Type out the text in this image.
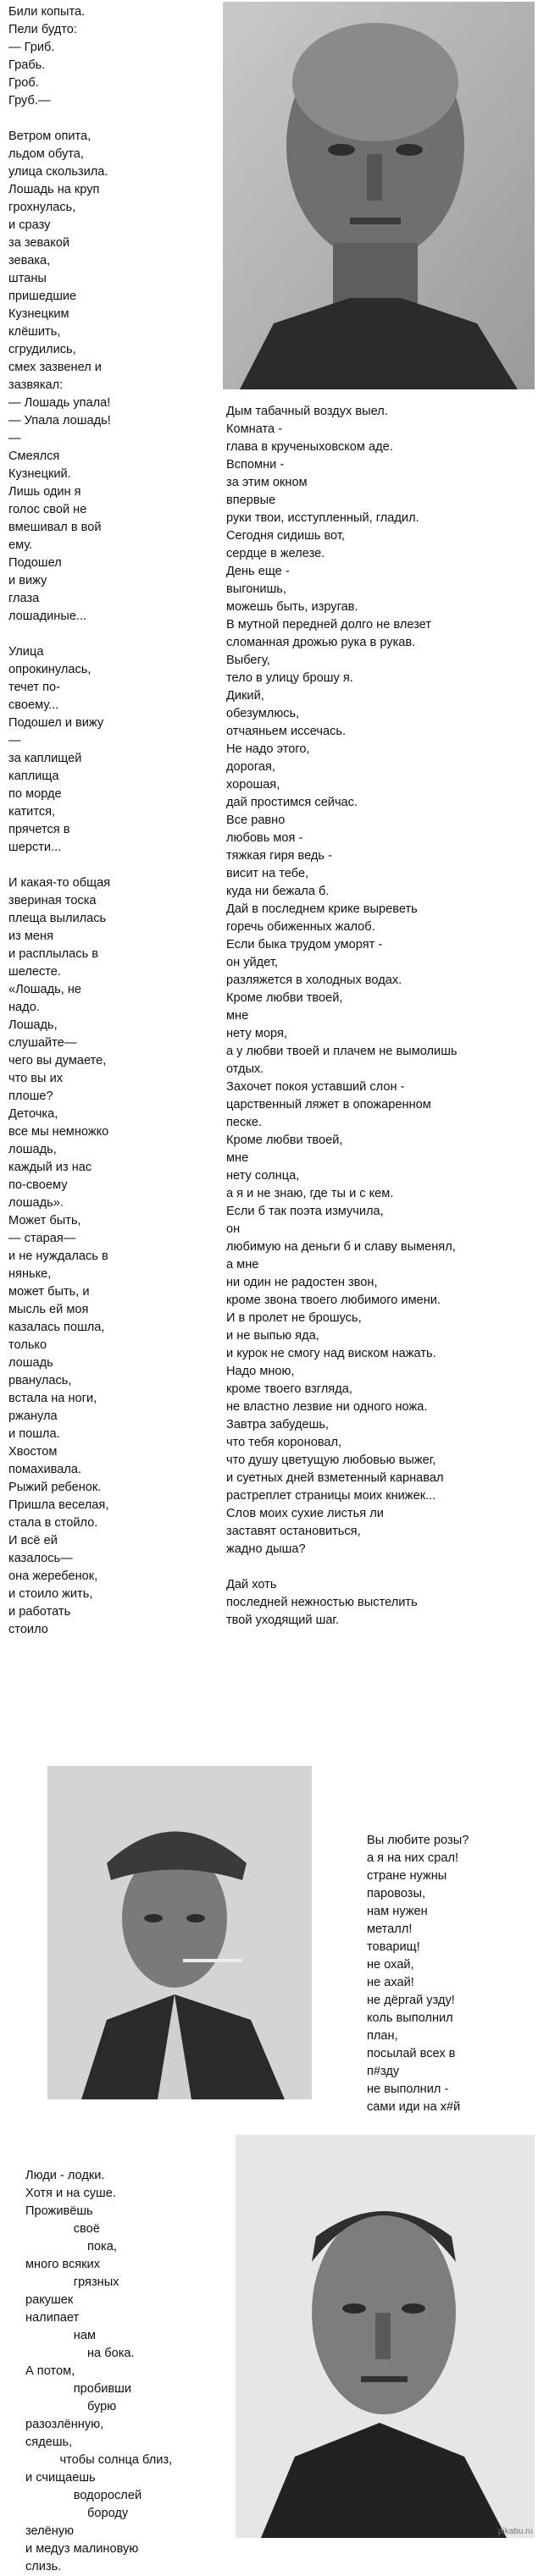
Били копыта.
Пели будто:
— Гриб.
Грабь.
Гроб.
Груб.—
Ветром опита,
льдом обута,
улица скользила.
Лошадь на круп
грохнулась,
и сразу
за зевакой
зевака,
штаны
пришедшие
Кузнецким
клёшить,
сгрудились,
смех зазвенел и
зазвякал:
— Лошадь упала!
— Упала лошадь!
—
Смеялся
Кузнецкий.
Лишь один я
голос свой не
вмешивал в вой
ему.
Подошел
и вижу
глаза
лошадиные...
Улица
опрокинулась,
течет по-
своему...
Подошел и вижу
—
за каплищей
каплища
по морде
катится,
прячется в
шерсти...
И какая-то общая
звериная тоска
плеща вылилась
из меня
и расплылась в
шелесте.
«Лошадь, не
надо.
Лошадь,
слушайте—
чего вы думаете,
что вы их
плоше?
Деточка,
все мы немножко
лошадь,
каждый из нас
по-своему
лошадь».
Может быть,
— старая—
и не нуждалась в
няньке,
может быть, и
мысль ей моя
казалась пошла,
только
лошадь
рванулась,
встала на ноги,
ржанула
и пошла.
Хвостом
помахивала.
Рыжий ребенок.
Пришла веселая,
стала в стойло.
И всё ей
казалось—
она жеребенок,
и стоило жить,
и работать
стоило
Дым табачный воздух выел.
Комната -
глава в крученыховском аде.
Вспомни -
за этим окном
впервые
руки твои, исступленный, гладил.
Сегодня сидишь вот,
сердце в железе.
День еще -
выгонишь,
можешь быть, изругав.
В мутной передней долго не влезет
сломанная дрожью рука в рукав.
Выбегу,
тело в улицу брошу я.
Дикий,
обезумлюсь,
отчаяньем иссечась.
Не надо этого,
дорогая,
хорошая,
дай простимся сейчас.
Все равно
любовь моя -
тяжкая гиря ведь -
висит на тебе,
куда ни бежала б.
Дай в последнем крике выреветь
горечь обиженных жалоб.
Если быка трудом уморят -
он уйдет,
разляжется в холодных водах.
Кроме любви твоей,
мне
нету моря,
а у любви твоей и плачем не вымолишь
отдых.
Захочет покоя уставший слон -
царственный ляжет в опожаренном
песке.
Кроме любви твоей,
мне
нету солнца,
а я и не знаю, где ты и с кем.
Если б так поэта измучила,
он
любимую на деньги б и славу выменял,
а мне
ни один не радостен звон,
кроме звона твоего любимого имени.
И в пролет не брошусь,
и не выпью яда,
и курок не смогу над виском нажать.
Надо мною,
кроме твоего взгляда,
не властно лезвие ни одного ножа.
Завтра забудешь,
что тебя короновал,
что душу цветущую любовью выжег,
и суетных дней взметенный карнавал
растреплет страницы моих книжек...
Слов моих сухие листья ли
заставят остановиться,
жадно дыша?
Дай хоть
последней нежностью выстелить
твой уходящий шаг.
Вы любите розы?
а я на них срал!
стране нужны
паровозы,
нам нужен
металл!
товарищ!
не охай,
не ахай!
не дёргай узду!
коль выполнил
план,
посылай всех в
п#зду
не выполнил -
сами иди на х#й
Люди - лодки.
Хотя и на суше.
Проживёшь
своё
пока,
много всяких
грязных
ракушек
налипает
нам
на бока.
А потом,
пробивши
бурю
разозлённую,
сядешь,
чтобы солнца близ,
и счищаешь
водорослей
бороду
зелёную
и медуз малиновую
слизь.
pikabu.ru
